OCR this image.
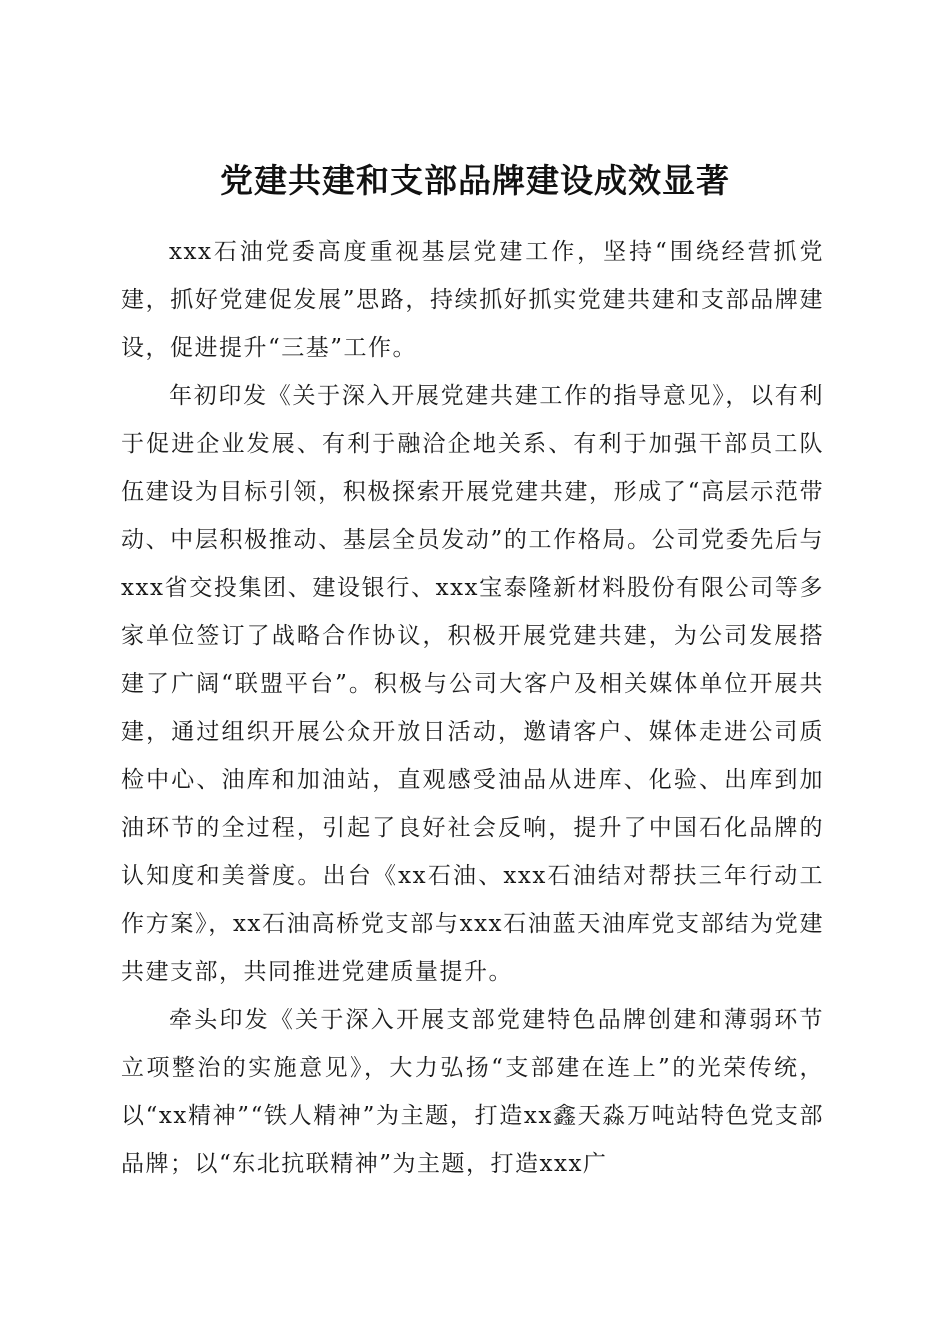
党建共建和支部品牌建设成效显著

xxx石油党委高度重视基层党建工作，坚持“围绕经营抓党建，抓好党建促发展”思路，持续抓好抓实党建共建和支部品牌建设，促进提升“三基”工作。

年初印发《关于深入开展党建共建工作的指导意见》，以有利于促进企业发展、有利于融洽企地关系、有利于加强干部员工队伍建设为目标引领，积极探索开展党建共建，形成了“高层示范带动、中层积极推动、基层全员发动”的工作格局。公司党委先后与xxx省交投集团、建设银行、xxx宝泰隆新材料股份有限公司等多家单位签订了战略合作协议，积极开展党建共建，为公司发展搭建了广阔“联盟平台”。积极与公司大客户及相关媒体单位开展共建，通过组织开展公众开放日活动，邀请客户、媒体走进公司质检中心、油库和加油站，直观感受油品从进库、化验、出库到加油环节的全过程，引起了良好社会反响，提升了中国石化品牌的认知度和美誉度。出台《xx石油、xxx石油结对帮扶三年行动工作方案》，xx石油高桥党支部与xxx石油蓝天油库党支部结为党建共建支部，共同推进党建质量提升。

牵头印发《关于深入开展支部党建特色品牌创建和薄弱环节立项整治的实施意见》，大力弘扬“支部建在连上”的光荣传统，以“xx精神”“铁人精神”为主题，打造xx鑫天淼万吨站特色党支部品牌；以“东北抗联精神”为主题，打造xxx广
